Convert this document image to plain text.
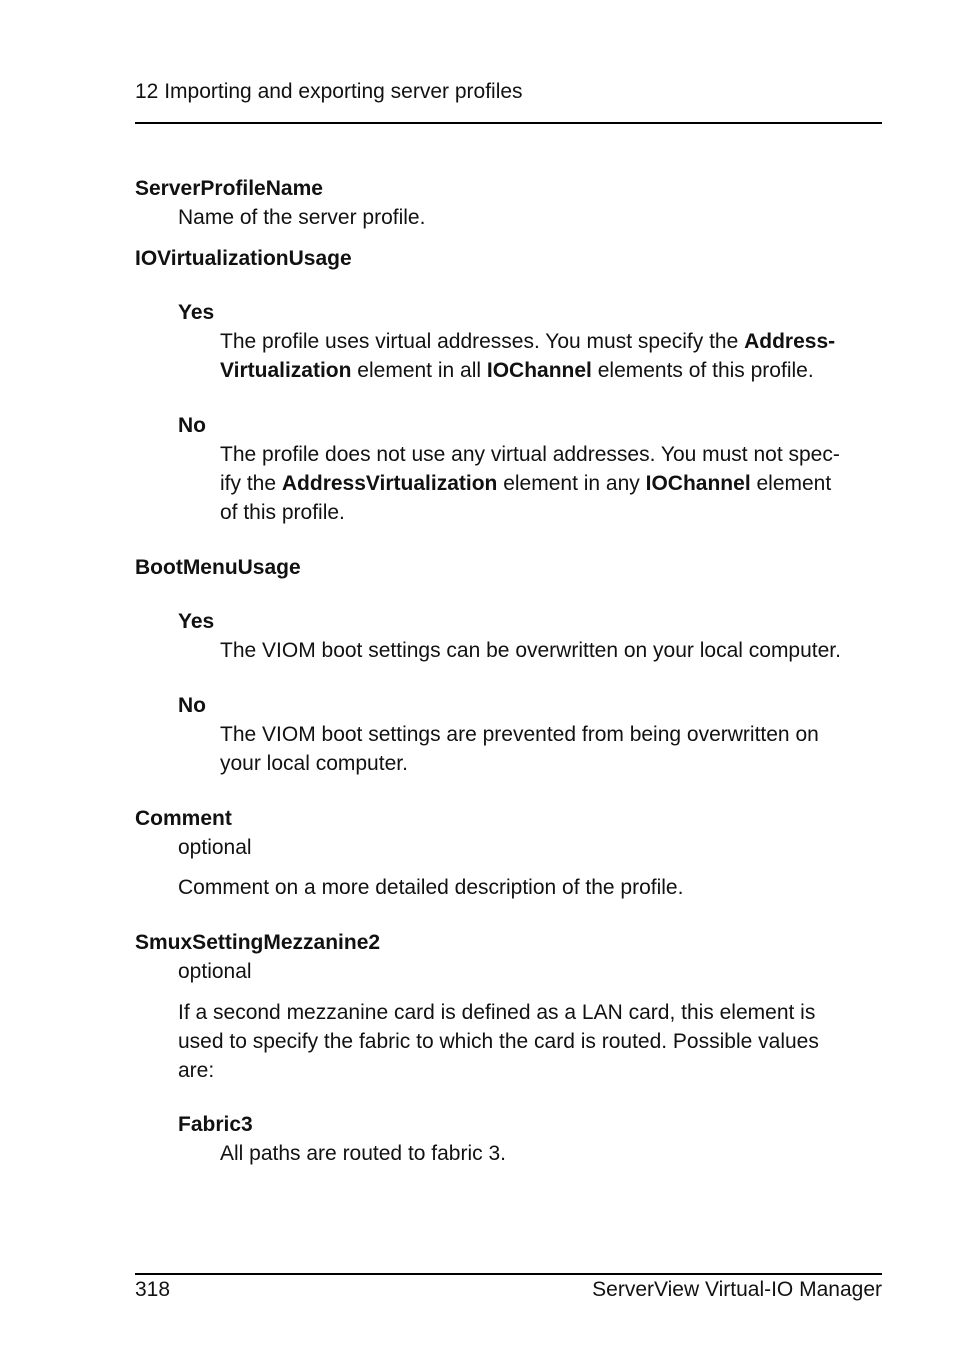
12 Importing and exporting server profiles
ServerProfileName
Name of the server profile.
IOVirtualizationUsage
Yes
The profile uses virtual addresses. You must specify the Address-
Virtualization element in all IOChannel elements of this profile.
No
The profile does not use any virtual addresses. You must not spec-
ify the AddressVirtualization element in any IOChannel element
of this profile.
BootMenuUsage
Yes
The VIOM boot settings can be overwritten on your local computer.
No
The VIOM boot settings are prevented from being overwritten on
your local computer.
Comment
optional
Comment on a more detailed description of the profile.
SmuxSettingMezzanine2
optional
If a second mezzanine card is defined as a LAN card, this element is
used to specify the fabric to which the card is routed. Possible values
are:
Fabric3
All paths are routed to fabric 3.
318	ServerView Virtual-IO Manager
